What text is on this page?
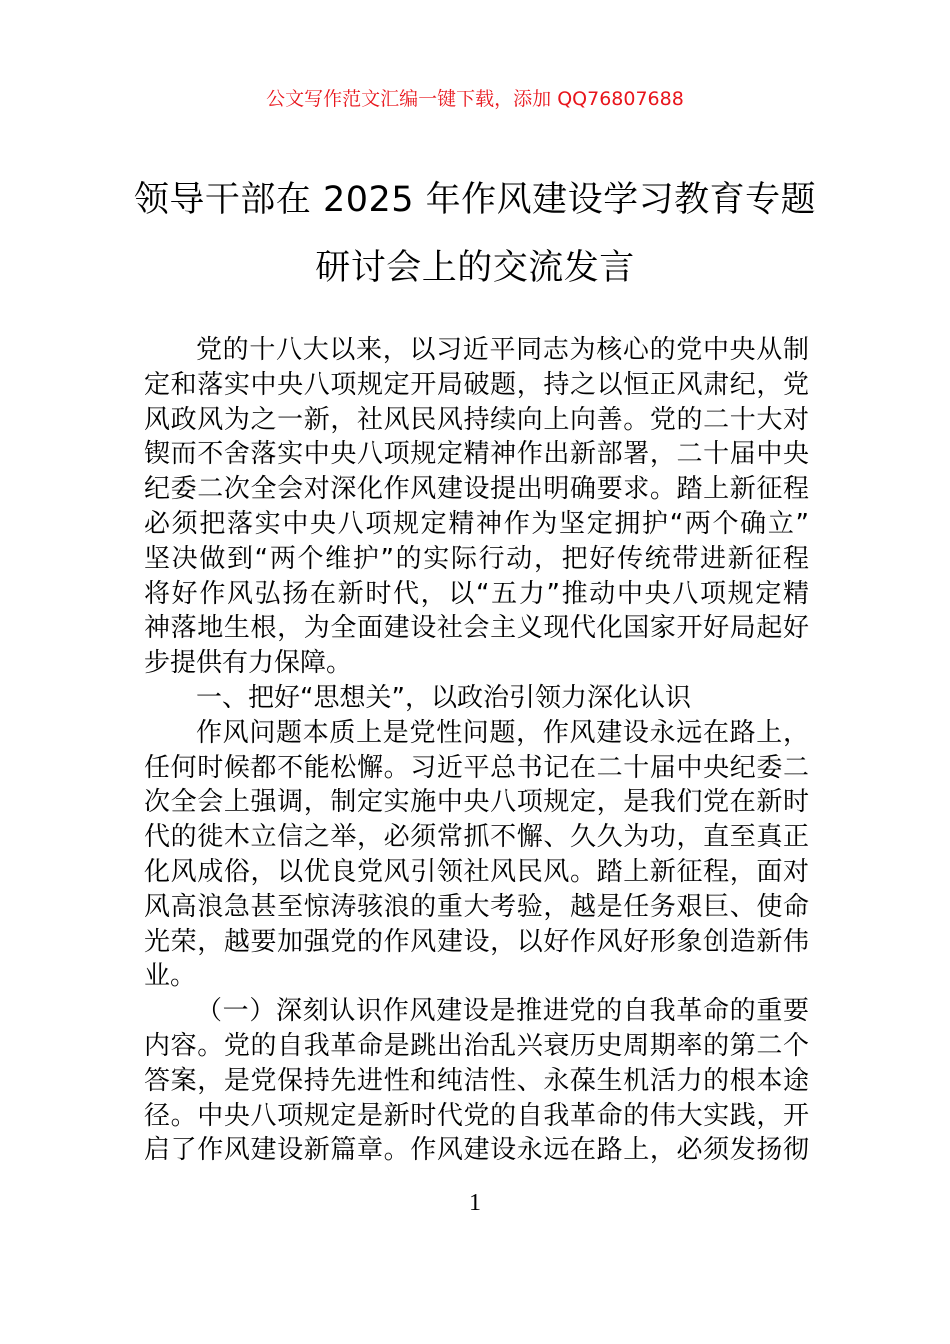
公文写作范文汇编一键下载，添加 QQ76807688
领导干部在 2025 年作风建设学习教育专题
研讨会上的交流发言
党的十八大以来，以习近平同志为核心的党中央从制
定和落实中央八项规定开局破题，持之以恒正风肃纪，党
风政风为之一新，社风民风持续向上向善。党的二十大对
锲而不舍落实中央八项规定精神作出新部署，二十届中央
纪委二次全会对深化作风建设提出明确要求。踏上新征程
必须把落实中央八项规定精神作为坚定拥护“两个确立”
坚决做到“两个维护”的实际行动，把好传统带进新征程
将好作风弘扬在新时代，以“五力”推动中央八项规定精
神落地生根，为全面建设社会主义现代化国家开好局起好
步提供有力保障。
一、把好“思想关”，以政治引领力深化认识
作风问题本质上是党性问题，作风建设永远在路上，
任何时候都不能松懈。习近平总书记在二十届中央纪委二
次全会上强调，制定实施中央八项规定，是我们党在新时
代的徙木立信之举，必须常抓不懈、久久为功，直至真正
化风成俗，以优良党风引领社风民风。踏上新征程，面对
风高浪急甚至惊涛骇浪的重大考验，越是任务艰巨、使命
光荣，越要加强党的作风建设，以好作风好形象创造新伟
业。
（一）深刻认识作风建设是推进党的自我革命的重要
内容。党的自我革命是跳出治乱兴衰历史周期率的第二个
答案，是党保持先进性和纯洁性、永葆生机活力的根本途
径。中央八项规定是新时代党的自我革命的伟大实践，开
启了作风建设新篇章。作风建设永远在路上，必须发扬彻
1
